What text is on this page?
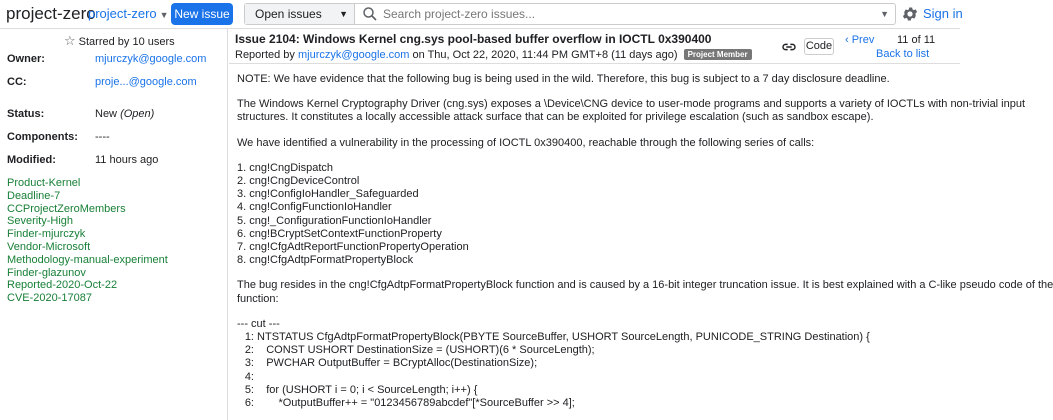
project-zero
project-zero ▼ New issue	Open issues ▼
Search project-zero issues...	▼	Sign in
☆ Starred by 10 users
Owner:	mjurczyk@google.com
CC:	proje...@google.com
Status:	New (Open)
Components: ----
Modified:	11 hours ago
Product-Kernel
Deadline-7
CCProjectZeroMembers
Severity-High
Finder-mjurczyk
Vendor-Microsoft
Methodology-manual-experiment
Finder-glazunov
Reported-2020-Oct-22
CVE-2020-17087
Issue 2104: Windows Kernel cng.sys pool-based buffer overflow in IOCTL 0x390400
Reported by mjurczyk@google.com on Thu, Oct 22, 2020, 11:44 PM GMT+8 (11 days ago) Project Member
Code ‹ Prev 11 of 11
Back to list
NOTE: We have evidence that the following bug is being used in the wild. Therefore, this bug is subject to a 7 day disclosure deadline.
The Windows Kernel Cryptography Driver (cng.sys) exposes a \Device\CNG device to user-mode programs and supports a variety of IOCTLs with non-trivial input
structures. It constitutes a locally accessible attack surface that can be exploited for privilege escalation (such as sandbox escape).
We have identified a vulnerability in the processing of IOCTL 0x390400, reachable through the following series of calls:
1. cng!CngDispatch
2. cng!CngDeviceControl
3. cng!ConfigIoHandler_Safeguarded
4. cng!ConfigFunctionIoHandler
5. cng!_ConfigurationFunctionIoHandler
6. cng!BCryptSetContextFunctionProperty
7. cng!CfgAdtReportFunctionPropertyOperation
8. cng!CfgAdtpFormatPropertyBlock
The bug resides in the cng!CfgAdtpFormatPropertyBlock function and is caused by a 16-bit integer truncation issue. It is best explained with a C-like pseudo code of the
function:
--- cut ---
1: NTSTATUS CfgAdtpFormatPropertyBlock(PBYTE SourceBuffer, USHORT SourceLength, PUNICODE_STRING Destination) {
2:    CONST USHORT DestinationSize = (USHORT)(6 * SourceLength);
3:    PWCHAR OutputBuffer = BCryptAlloc(DestinationSize);
4:
5:    for (USHORT i = 0; i < SourceLength; i++) {
6:        *OutputBuffer++ = "0123456789abcdef"[*SourceBuffer >> 4];
